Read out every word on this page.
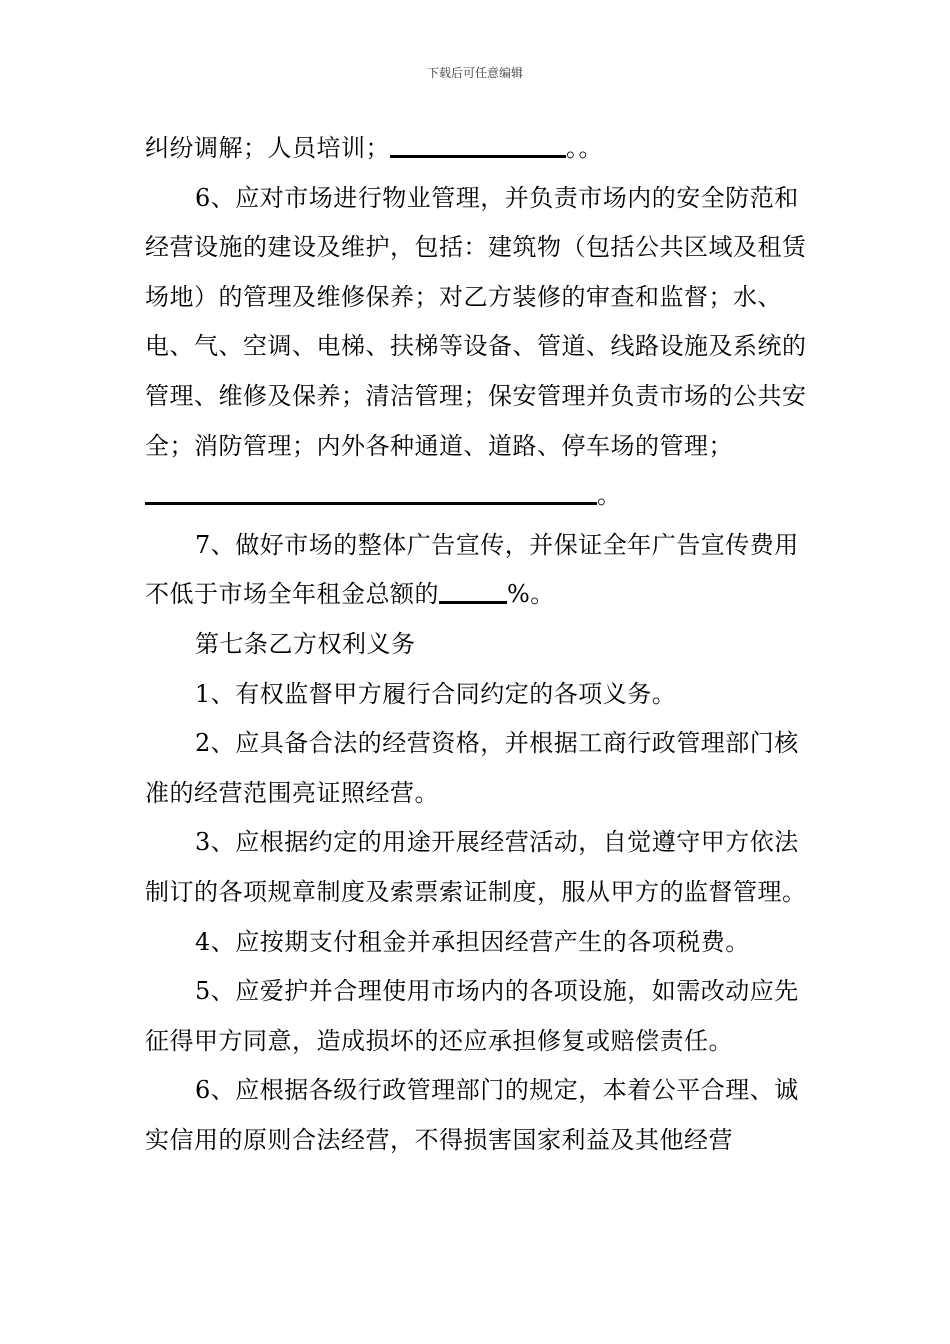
下载后可任意编辑

纠纷调解；人员培训；	。。

6、应对市场进行物业管理，并负责市场内的安全防范和经营设施的建设及维护，包括：建筑物（包括公共区域及租赁场地）的管理及维修保养；对乙方装修的审查和监督；水、电、气、空调、电梯、扶梯等设备、管道、线路设施及系统的管理、维修及保养；清洁管理；保安管理并负责市场的公共安全；消防管理；内外各种通道、道路、停车场的管理；。

7、做好市场的整体广告宣传，并保证全年广告宣传费用不低于市场全年租金总额的	%。

第七条乙方权利义务

1、有权监督甲方履行合同约定的各项义务。

2、应具备合法的经营资格，并根据工商行政管理部门核准的经营范围亮证照经营。

3、应根据约定的用途开展经营活动，自觉遵守甲方依法制订的各项规章制度及索票索证制度，服从甲方的监督管理。

4、应按期支付租金并承担因经营产生的各项税费。

5、应爱护并合理使用市场内的各项设施，如需改动应先征得甲方同意，造成损坏的还应承担修复或赔偿责任。

6、应根据各级行政管理部门的规定，本着公平合理、诚实信用的原则合法经营，不得损害国家利益及其他经营
